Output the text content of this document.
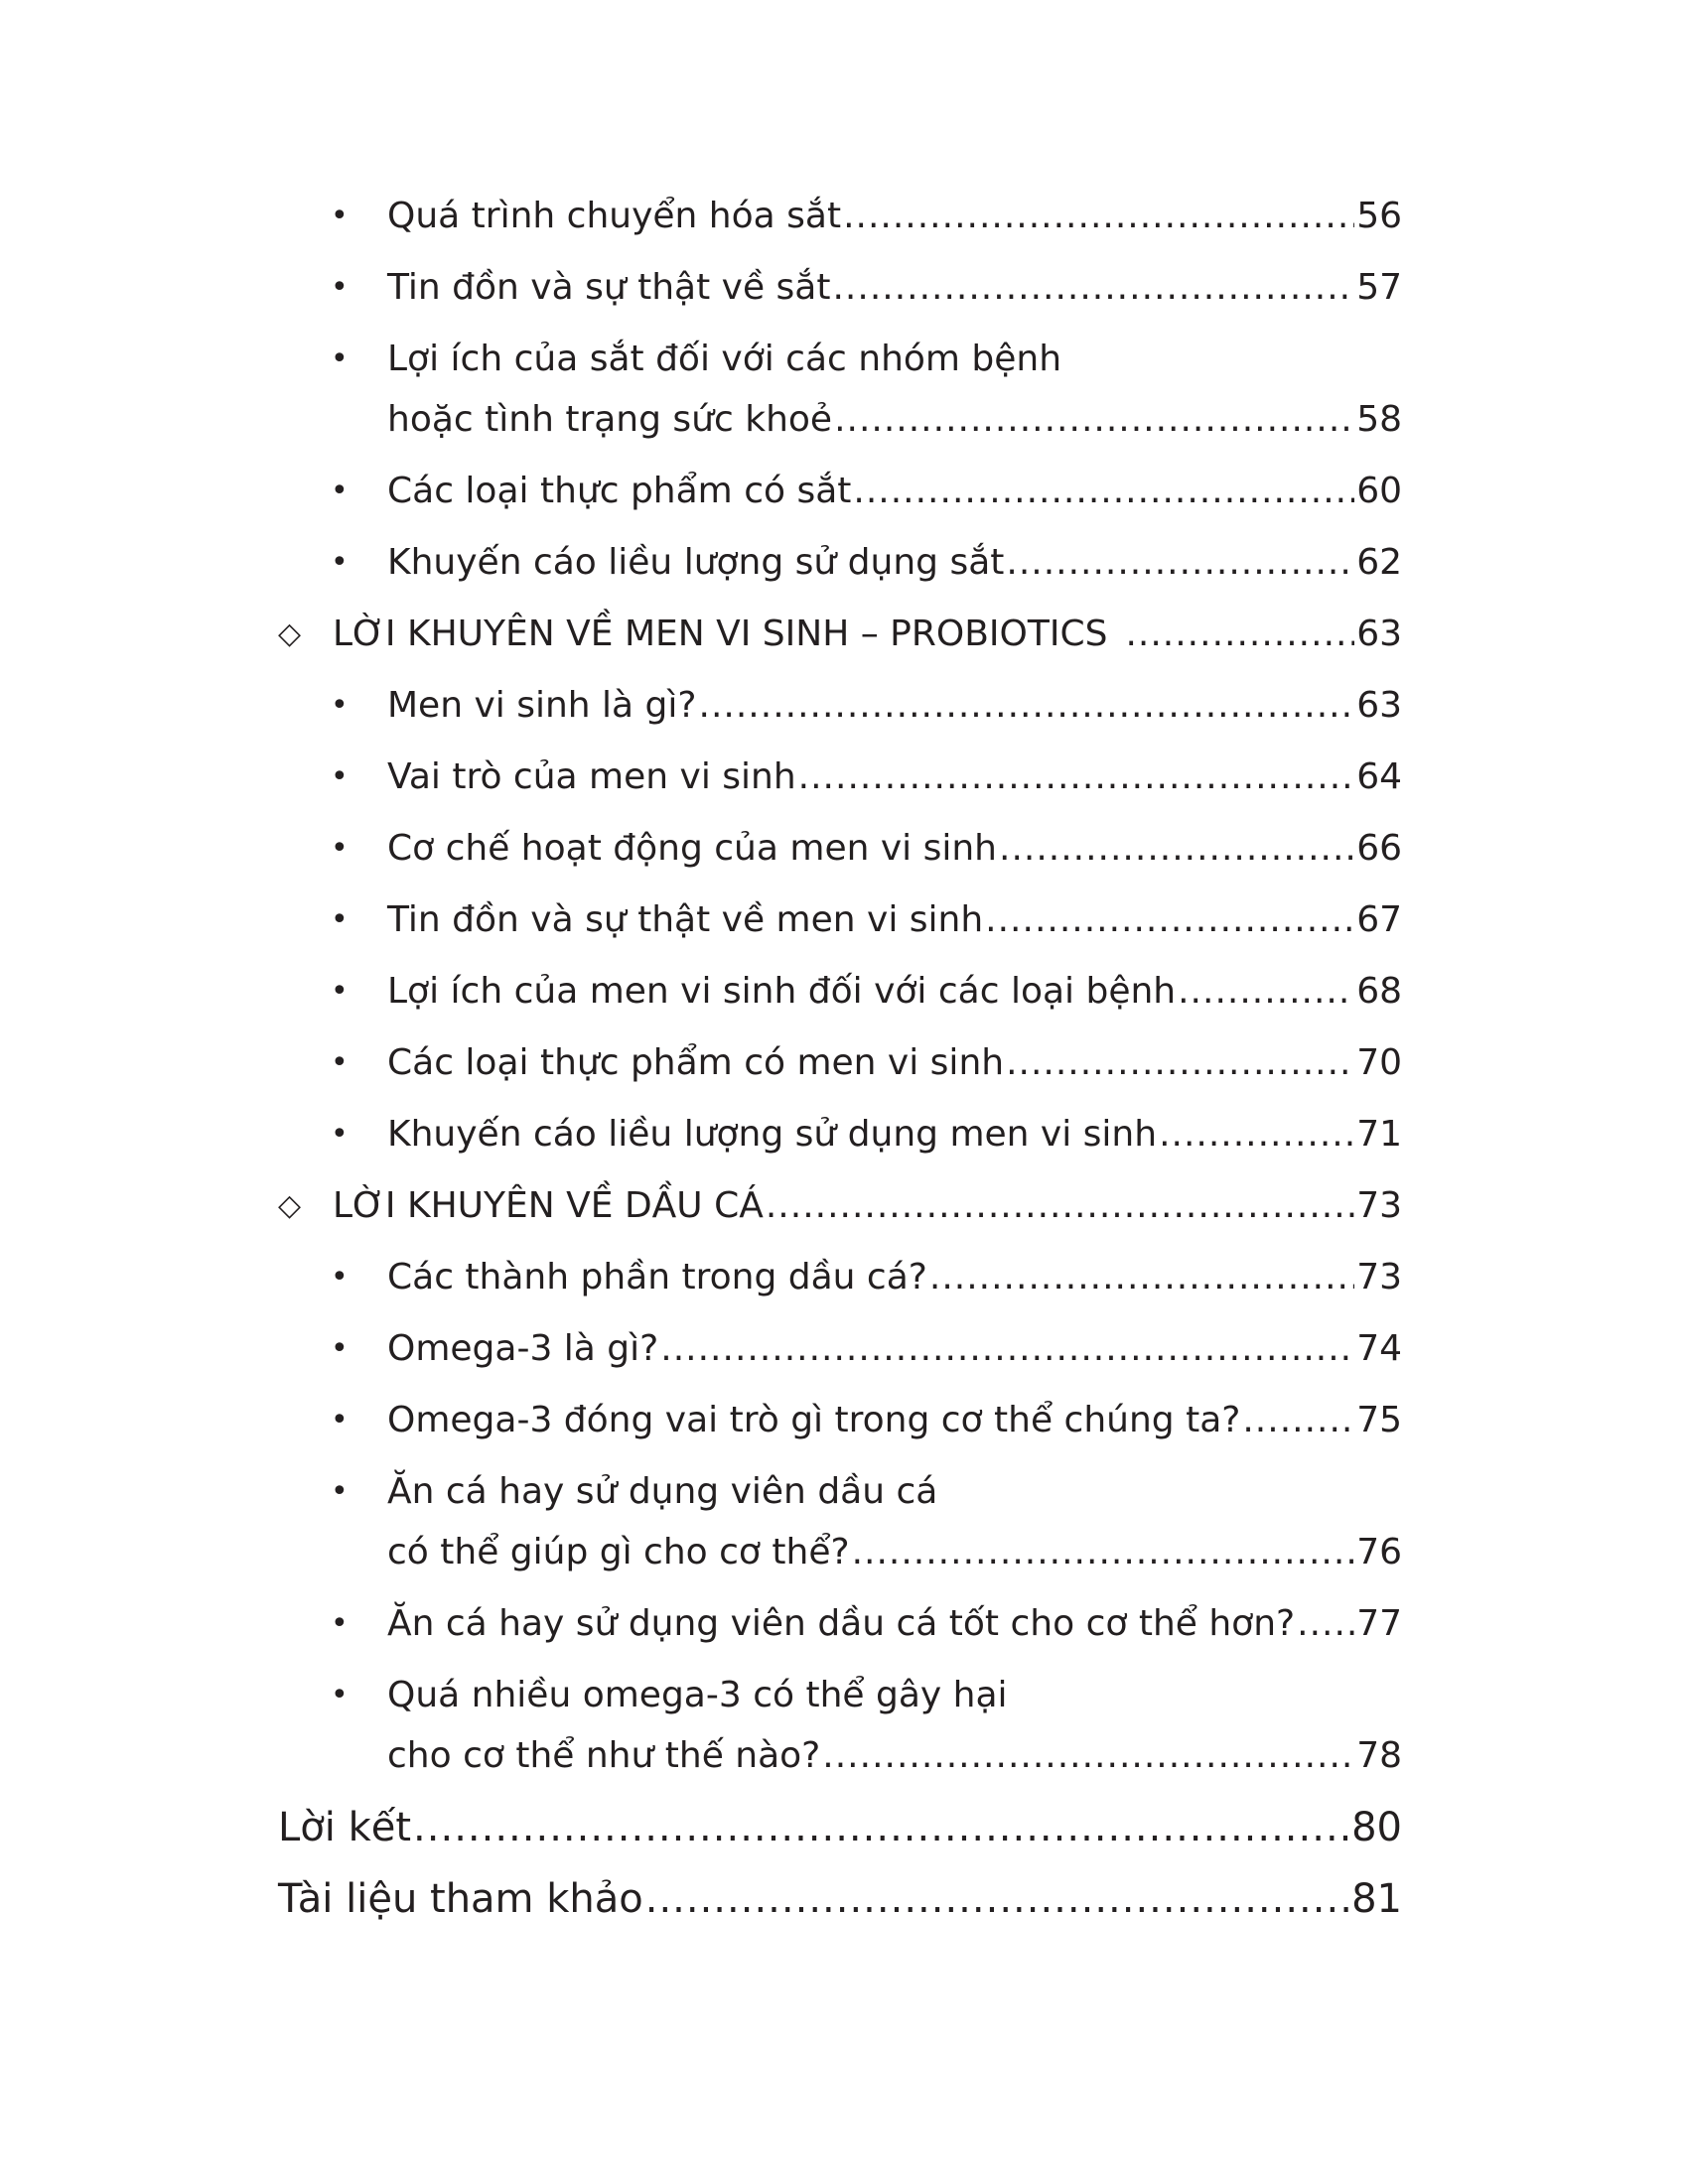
• Quá trình chuyển hóa sắt .....	56
• Tin đồn và sự thật về sắt .....	57
• Lợi ích của sắt đối với các nhóm bệnh
hoặc tình trạng sức khoẻ .....	58
• Các loại thực phẩm có sắt .....	60
• Khuyến cáo liều lượng sử dụng sắt .....	62
◇ LỜI KHUYÊN VỀ MEN VI SINH – PROBIOTICS .....	63
• Men vi sinh là gì? .....	63
• Vai trò của men vi sinh .....	64
• Cơ chế hoạt động của men vi sinh .....	66
• Tin đồn và sự thật về men vi sinh .....	67
• Lợi ích của men vi sinh đối với các loại bệnh .....	68
• Các loại thực phẩm có men vi sinh .....	70
• Khuyến cáo liều lượng sử dụng men vi sinh .....	71
◇ LỜI KHUYÊN VỀ DẦU CÁ .....	73
• Các thành phần trong dầu cá? .....	73
• Omega-3 là gì? .....	74
• Omega-3 đóng vai trò gì trong cơ thể chúng ta? .....	75
• Ăn cá hay sử dụng viên dầu cá
có thể giúp gì cho cơ thể? .....	76
• Ăn cá hay sử dụng viên dầu cá tốt cho cơ thể hơn? ..... 77
• Quá nhiều omega-3 có thể gây hại
cho cơ thể như thế nào? .....	78
Lời kết .....	80
Tài liệu tham khảo .....	81
